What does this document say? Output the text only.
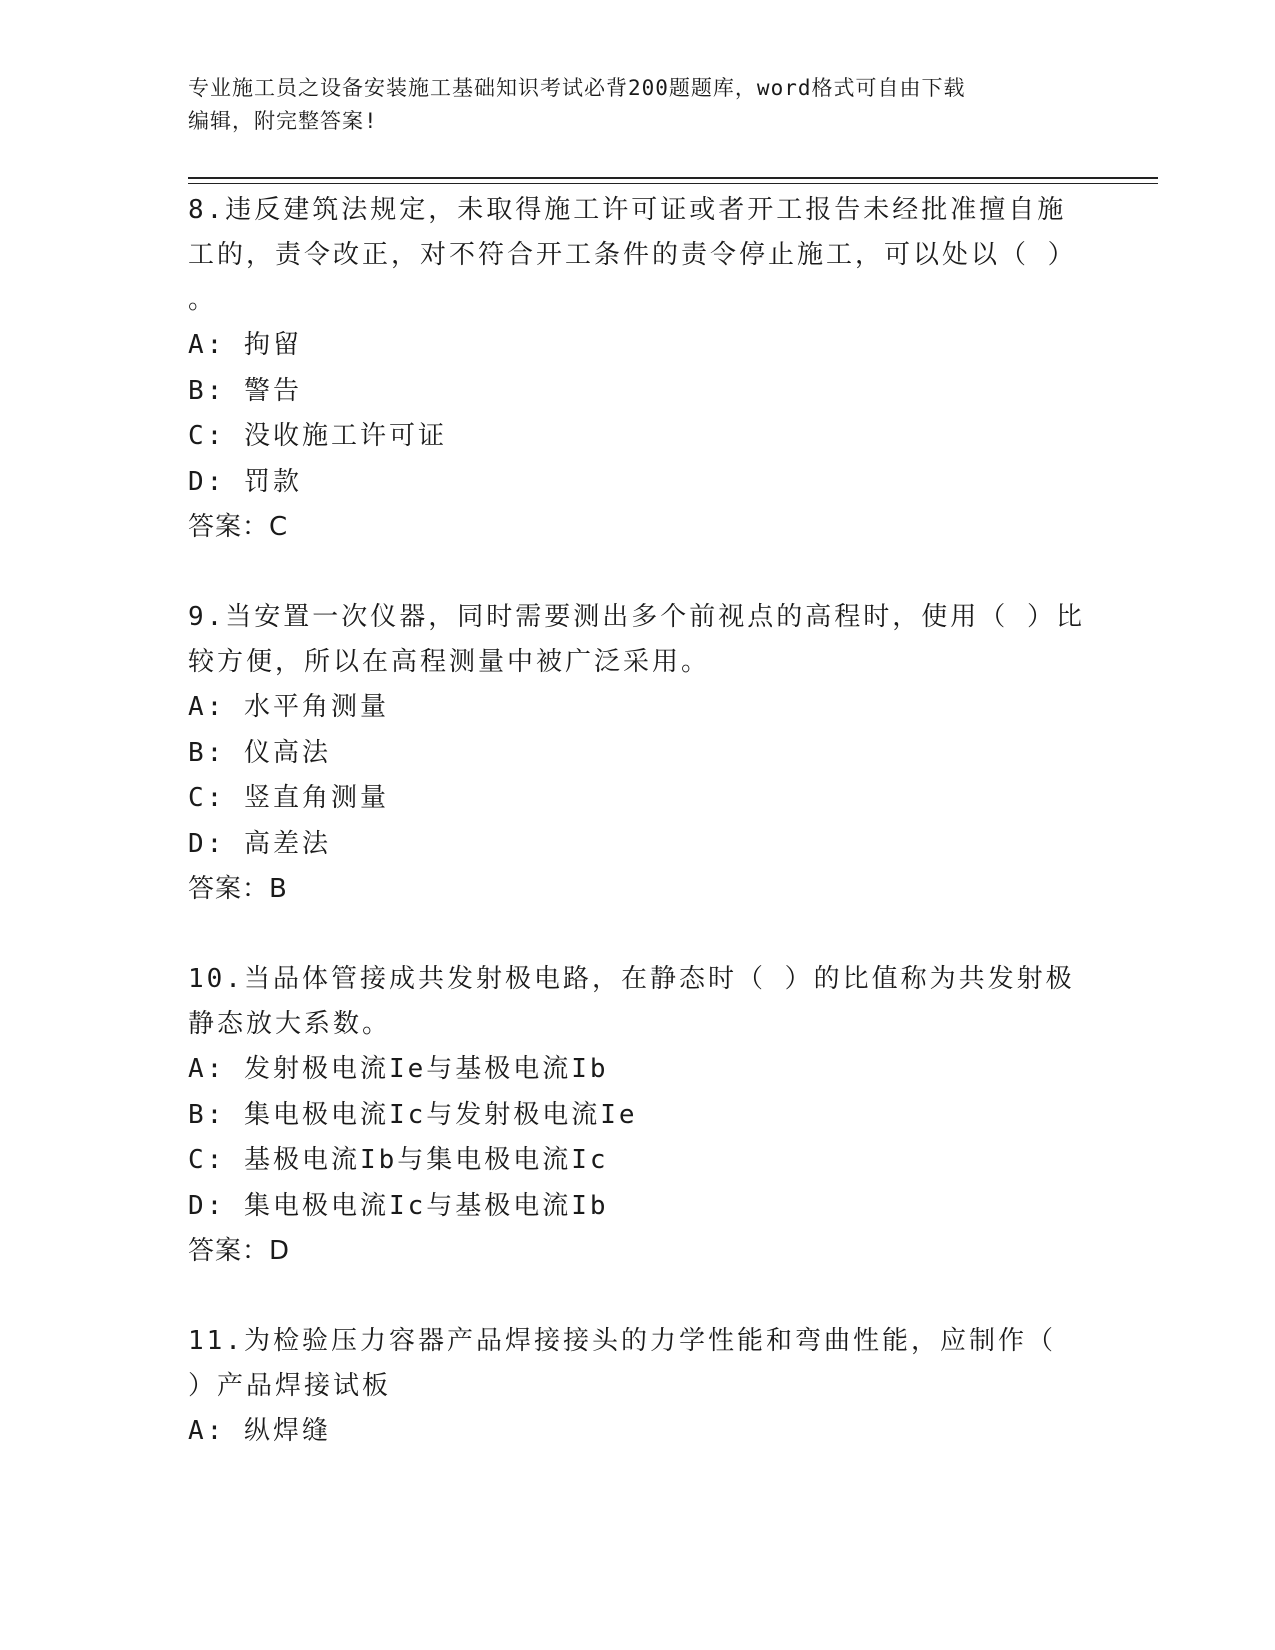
专业施工员之设备安装施工基础知识考试必背200题题库，word格式可自由下载
编辑，附完整答案!

8.违反建筑法规定，未取得施工许可证或者开工报告未经批准擅自施

工的，责令改正，对不符合开工条件的责令停止施工，可以处以（ ）

。

A: 拘留

B: 警告

C: 没收施工许可证

D: 罚款

答案：C

9.当安置一次仪器，同时需要测出多个前视点的高程时，使用（ ）比

较方便，所以在高程测量中被广泛采用。

A: 水平角测量

B: 仪高法

C: 竖直角测量

D: 高差法

答案：B

10.当品体管接成共发射极电路，在静态时（ ）的比值称为共发射极

静态放大系数。

A: 发射极电流Ie与基极电流Ib

B: 集电极电流Ic与发射极电流Ie

C: 基极电流Ib与集电极电流Ic

D: 集电极电流Ic与基极电流Ib

答案：D

11.为检验压力容器产品焊接接头的力学性能和弯曲性能，应制作（

）产品焊接试板

A: 纵焊缝
